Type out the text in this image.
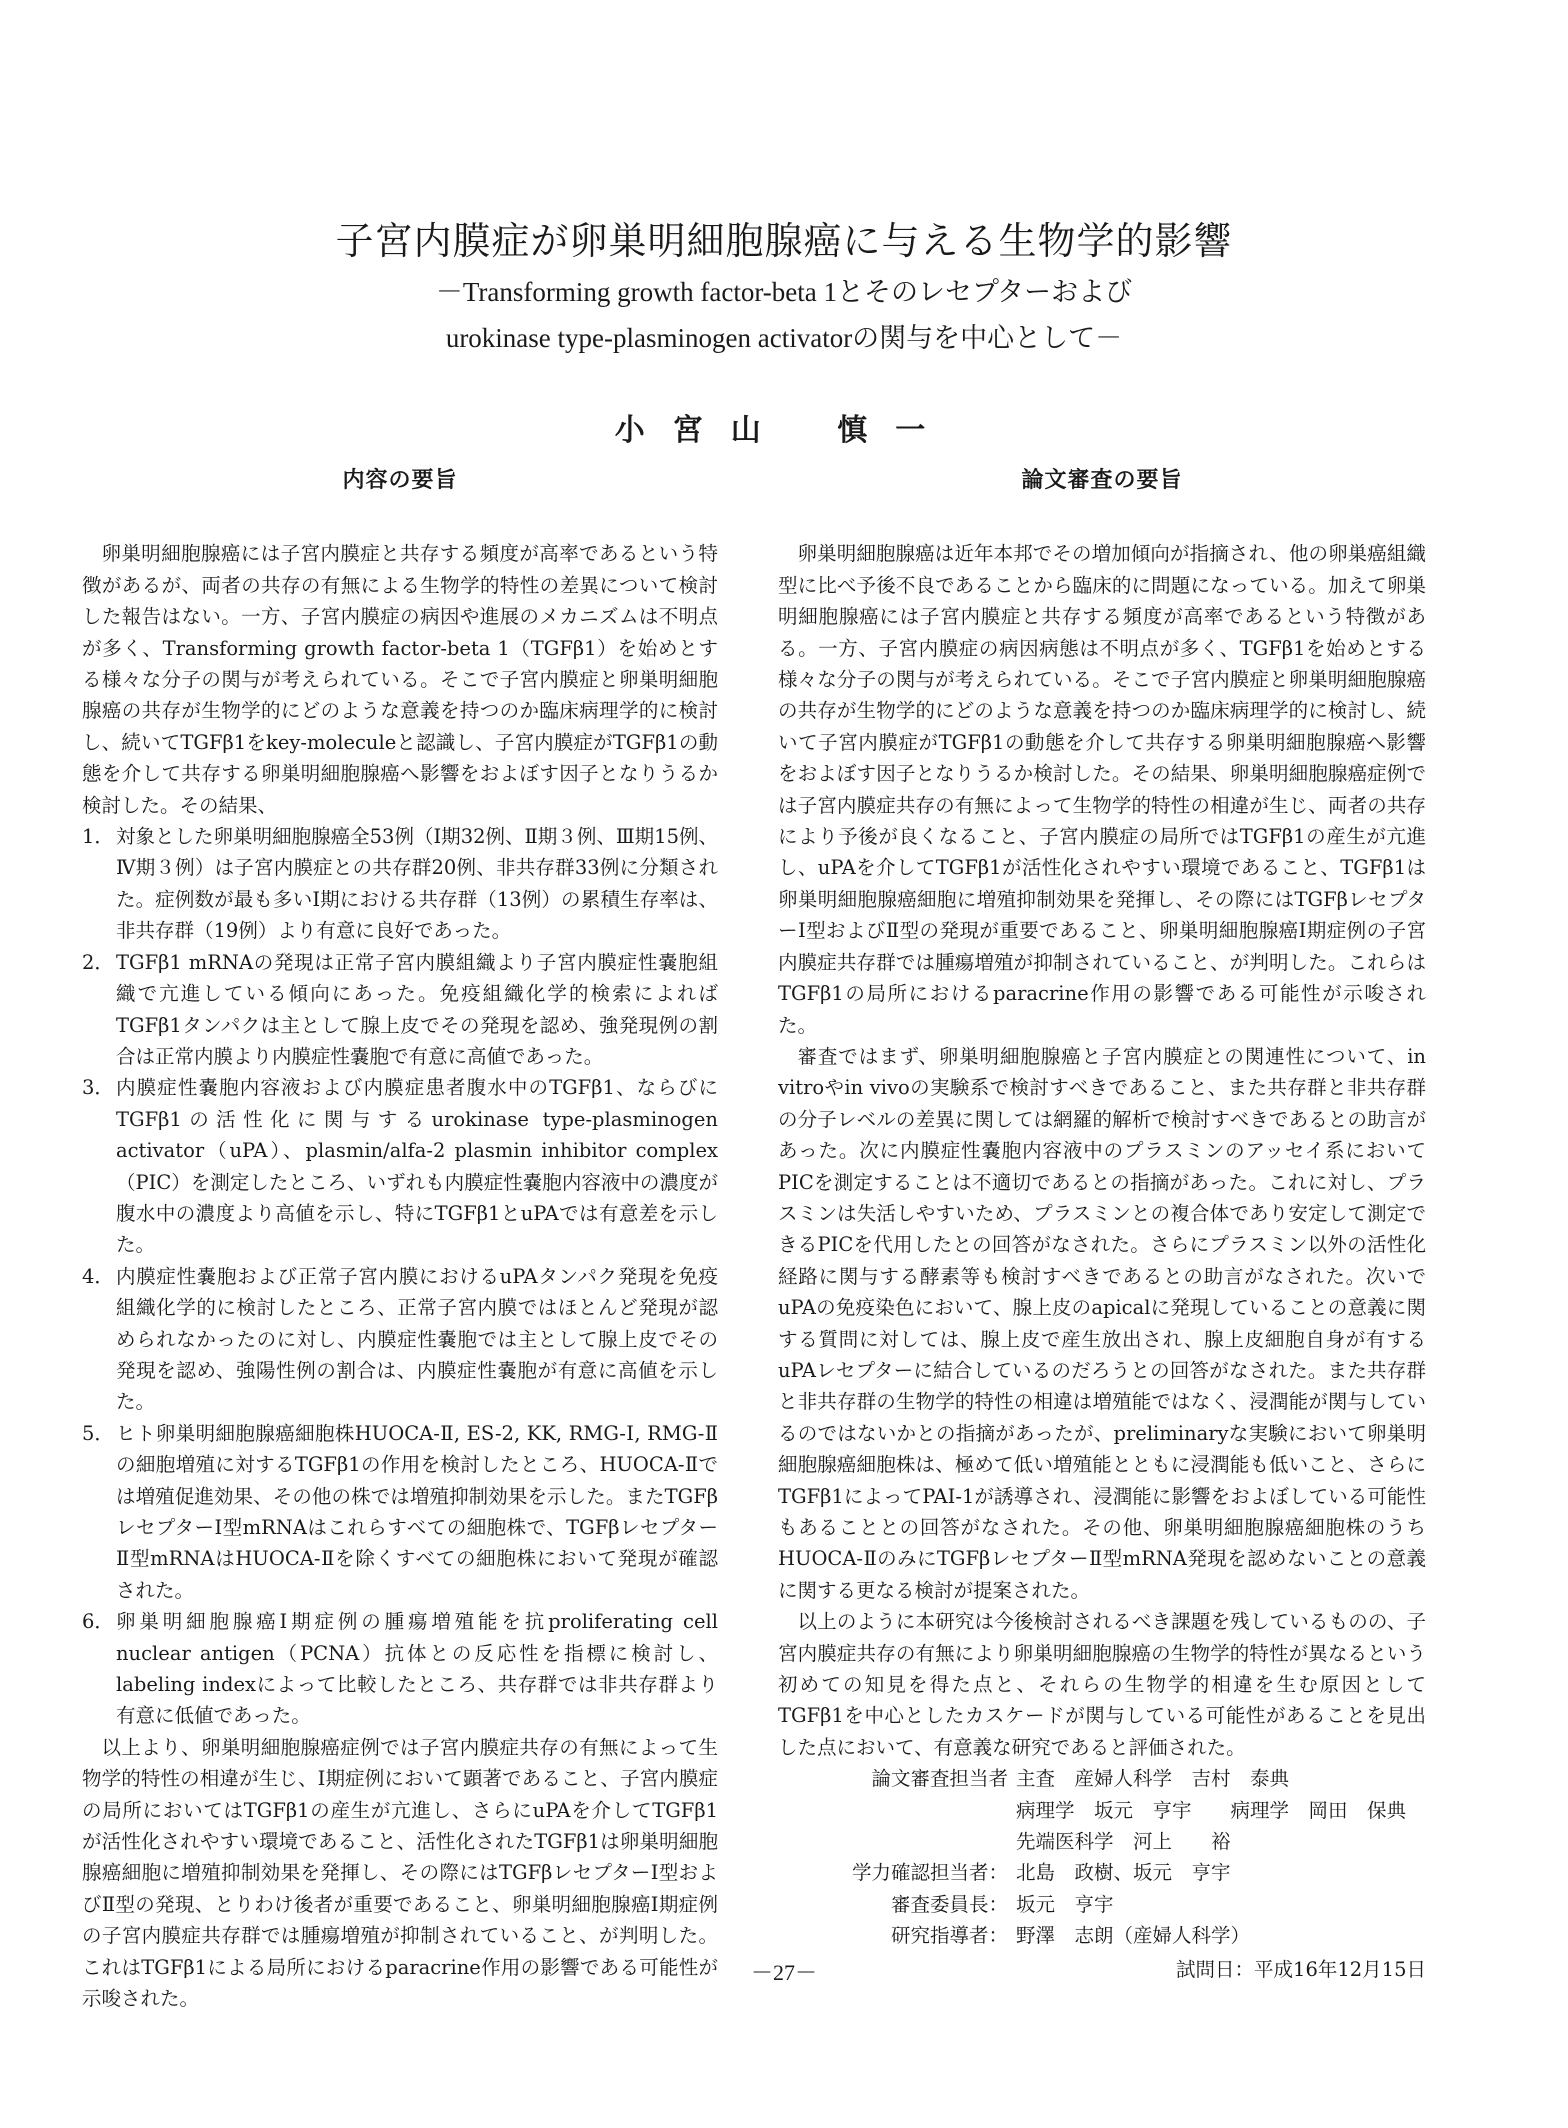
子宮内膜症が卵巣明細胞腺癌に与える生物学的影響
－Transforming growth factor-beta 1とそのレセプターおよび
urokinase type-plasminogen activatorの関与を中心として－
小宮山 慎一
内容の要旨

卵巣明細胞腺癌には子宮内膜症と共存する頻度が高率であるという特徴があるが、両者の共存の有無による生物学的特性の差異について検討した報告はない。一方、子宮内膜症の病因や進展のメカニズムは不明点が多く、Transforming growth factor-beta 1（TGFβ1）を始めとする様々な分子の関与が考えられている。そこで子宮内膜症と卵巣明細胞腺癌の共存が生物学的にどのような意義を持つのか臨床病理学的に検討し、続いてTGFβ1をkey-moleculeと認識し、子宮内膜症がTGFβ1の動態を介して共存する卵巣明細胞腺癌へ影響をおよぼす因子となりうるか検討した。その結果、

1． 対象とした卵巣明細胞腺癌全53例（Ⅰ期32例、Ⅱ期３例、Ⅲ期15例、Ⅳ期３例）は子宮内膜症との共存群20例、非共存群33例に分類された。症例数が最も多いⅠ期における共存群（13例）の累積生存率は、非共存群（19例）より有意に良好であった。
2． TGFβ1 mRNAの発現は正常子宮内膜組織より子宮内膜症性嚢胞組織で亢進している傾向にあった。免疫組織化学的検索によればTGFβ1タンパクは主として腺上皮でその発現を認め、強発現例の割合は正常内膜より内膜症性嚢胞で有意に高値であった。
3． 内膜症性嚢胞内容液および内膜症患者腹水中のTGFβ1、ならびにTGFβ1の活性化に関与するurokinase type-plasminogen activator（uPA）、plasmin/alfa-2 plasmin inhibitor complex（PIC）を測定したところ、いずれも内膜症性嚢胞内容液中の濃度が腹水中の濃度より高値を示し、特にTGFβ1とuPAでは有意差を示した。
4． 内膜症性嚢胞および正常子宮内膜におけるuPAタンパク発現を免疫組織化学的に検討したところ、正常子宮内膜ではほとんど発現が認められなかったのに対し、内膜症性嚢胞では主として腺上皮でその発現を認め、強陽性例の割合は、内膜症性嚢胞が有意に高値を示した。
5． ヒト卵巣明細胞腺癌細胞株HUOCA-Ⅱ, ES-2, KK, RMG-Ⅰ, RMG-Ⅱの細胞増殖に対するTGFβ1の作用を検討したところ、HUOCA-Ⅱでは増殖促進効果、その他の株では増殖抑制効果を示した。またTGFβレセプターⅠ型mRNAはこれらすべての細胞株で、TGFβレセプターⅡ型mRNAはHUOCA-Ⅱを除くすべての細胞株において発現が確認された。
6． 卵巣明細胞腺癌Ⅰ期症例の腫瘍増殖能を抗proliferating cell nuclear antigen（PCNA）抗体との反応性を指標に検討し、labeling indexによって比較したところ、共存群では非共存群より有意に低値であった。

以上より、卵巣明細胞腺癌症例では子宮内膜症共存の有無によって生物学的特性の相違が生じ、Ⅰ期症例において顕著であること、子宮内膜症の局所においてはTGFβ1の産生が亢進し、さらにuPAを介してTGFβ1が活性化されやすい環境であること、活性化されたTGFβ1は卵巣明細胞腺癌細胞に増殖抑制効果を発揮し、その際にはTGFβレセプターⅠ型およびⅡ型の発現、とりわけ後者が重要であること、卵巣明細胞腺癌Ⅰ期症例の子宮内膜症共存群では腫瘍増殖が抑制されていること、が判明した。これはTGFβ1による局所におけるparacrine作用の影響である可能性が示唆された。

論文審査の要旨

卵巣明細胞腺癌は近年本邦でその増加傾向が指摘され、他の卵巣癌組織型に比べ予後不良であることから臨床的に問題になっている。加えて卵巣明細胞腺癌には子宮内膜症と共存する頻度が高率であるという特徴がある。一方、子宮内膜症の病因病態は不明点が多く、TGFβ1を始めとする様々な分子の関与が考えられている。そこで子宮内膜症と卵巣明細胞腺癌の共存が生物学的にどのような意義を持つのか臨床病理学的に検討し、続いて子宮内膜症がTGFβ1の動態を介して共存する卵巣明細胞腺癌へ影響をおよぼす因子となりうるか検討した。その結果、卵巣明細胞腺癌症例では子宮内膜症共存の有無によって生物学的特性の相違が生じ、両者の共存により予後が良くなること、子宮内膜症の局所ではTGFβ1の産生が亢進し、uPAを介してTGFβ1が活性化されやすい環境であること、TGFβ1は卵巣明細胞腺癌細胞に増殖抑制効果を発揮し、その際にはTGFβレセプターⅠ型およびⅡ型の発現が重要であること、卵巣明細胞腺癌Ⅰ期症例の子宮内膜症共存群では腫瘍増殖が抑制されていること、が判明した。これらはTGFβ1の局所におけるparacrine作用の影響である可能性が示唆された。

審査ではまず、卵巣明細胞腺癌と子宮内膜症との関連性について、in vitroやin vivoの実験系で検討すべきであること、また共存群と非共存群の分子レベルの差異に関しては網羅的解析で検討すべきであるとの助言があった。次に内膜症性嚢胞内容液中のプラスミンのアッセイ系においてPICを測定することは不適切であるとの指摘があった。これに対し、プラスミンは失活しやすいため、プラスミンとの複合体であり安定して測定できるPICを代用したとの回答がなされた。さらにプラスミン以外の活性化経路に関与する酵素等も検討すべきであるとの助言がなされた。次いでuPAの免疫染色において、腺上皮のapicalに発現していることの意義に関する質問に対しては、腺上皮で産生放出され、腺上皮細胞自身が有するuPAレセプターに結合しているのだろうとの回答がなされた。また共存群と非共存群の生物学的特性の相違は増殖能ではなく、浸潤能が関与しているのではないかとの指摘があったが、preliminaryな実験において卵巣明細胞腺癌細胞株は、極めて低い増殖能とともに浸潤能も低いこと、さらにTGFβ1によってPAI-1が誘導され、浸潤能に影響をおよぼしている可能性もあることとの回答がなされた。その他、卵巣明細胞腺癌細胞株のうちHUOCA-ⅡのみにTGFβレセプターⅡ型mRNA発現を認めないことの意義に関する更なる検討が提案された。

以上のように本研究は今後検討されるべき課題を残しているものの、子宮内膜症共存の有無により卵巣明細胞腺癌の生物学的特性が異なるという初めての知見を得た点と、それらの生物学的相違を生む原因としてTGFβ1を中心としたカスケードが関与している可能性があることを見出した点において、有意義な研究であると評価された。

論文審査担当者 主査　産婦人科学　吉村　泰典
病理学　坂元　亨宇　　病理学　岡田　保典
先端医科学　河上　　裕
学力確認担当者： 北島　政樹、坂元　亨宇
審査委員長： 坂元　亨宇
研究指導者： 野澤　志朗（産婦人科学）
試問日：平成16年12月15日
－27－
